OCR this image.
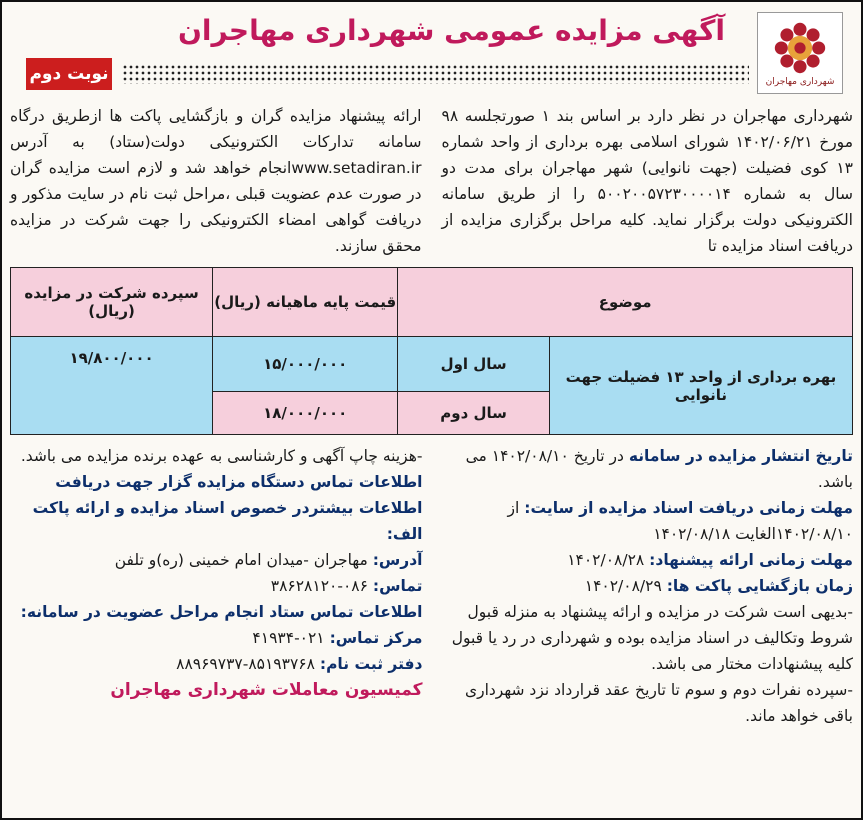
شهرداری مهاجران
آگهی مزایده عمومی شهرداری مهاجران
نوبت دوم
شهرداری مهاجران در نظر دارد بر اساس بند ۱ صورتجلسه ۹۸ مورخ ۱۴۰۲/۰۶/۲۱ شورای اسلامی بهره برداری از واحد شماره ۱۳ کوی فضیلت (جهت نانوایی) شهر مهاجران برای مدت دو سال به شماره ۵۰۰۲۰۰۵۷۲۳۰۰۰۰۱۴ را از طریق سامانه الکترونیکی دولت برگزار نماید. کلیه مراحل برگزاری مزایده از دریافت اسناد مزایده تا
ارائه پیشنهاد مزایده گران و بازگشایی پاکت ها ازطریق درگاه سامانه تدارکات الکترونیکی دولت(ستاد) به آدرس www.setadiran.irانجام خواهد شد و لازم است مزایده گران در صورت عدم عضویت قبلی ،مراحل ثبت نام در سایت مذکور و دریافت گواهی امضاء الکترونیکی را جهت شرکت در مزایده محقق سازند.
موضوع		قیمت پایه ماهیانه (ریال)	سپرده شرکت در مزایده (ریال)
بهره برداری از واحد ۱۳ فضیلت جهت نانوایی	سال اول	۱۵/۰۰۰/۰۰۰	۱۹/۸۰۰/۰۰۰
	سال دوم	۱۸/۰۰۰/۰۰۰	
تاریخ انتشار مزایده در سامانه در تاریخ ۱۴۰۲/۰۸/۱۰ می باشد.
مهلت زمانی دریافت اسناد مزایده از سایت: از ۱۴۰۲/۰۸/۱۰الغایت ۱۴۰۲/۰۸/۱۸
مهلت زمانی ارائه پیشنهاد: ۱۴۰۲/۰۸/۲۸
زمان بازگشایی پاکت ها: ۱۴۰۲/۰۸/۲۹
-بدیهی است شرکت در مزایده و ارائه پیشنهاد به منزله قبول شروط وتکالیف در اسناد مزایده بوده و شهرداری در رد یا قبول کلیه پیشنهادات مختار می باشد.
-سپرده نفرات دوم و سوم تا تاریخ عقد قرارداد نزد شهرداری باقی خواهد ماند.
-هزینه چاپ آگهی و کارشناسی به عهده برنده مزایده می باشد.
اطلاعات تماس دستگاه مزایده گزار جهت دریافت اطلاعات بیشتردر خصوص اسناد مزایده و ارائه پاکت الف:
آدرس: مهاجران -میدان امام خمینی (ره)و تلفن
تماس: ۰۸۶-۳۸۶۲۸۱۲۰
اطلاعات تماس ستاد انجام مراحل عضویت در سامانه:
مرکز تماس: ۰۲۱-۴۱۹۳۴
دفتر ثبت نام: ۸۵۱۹۳۷۶۸-۸۸۹۶۹۷۳۷
کمیسیون معاملات شهرداری مهاجران
